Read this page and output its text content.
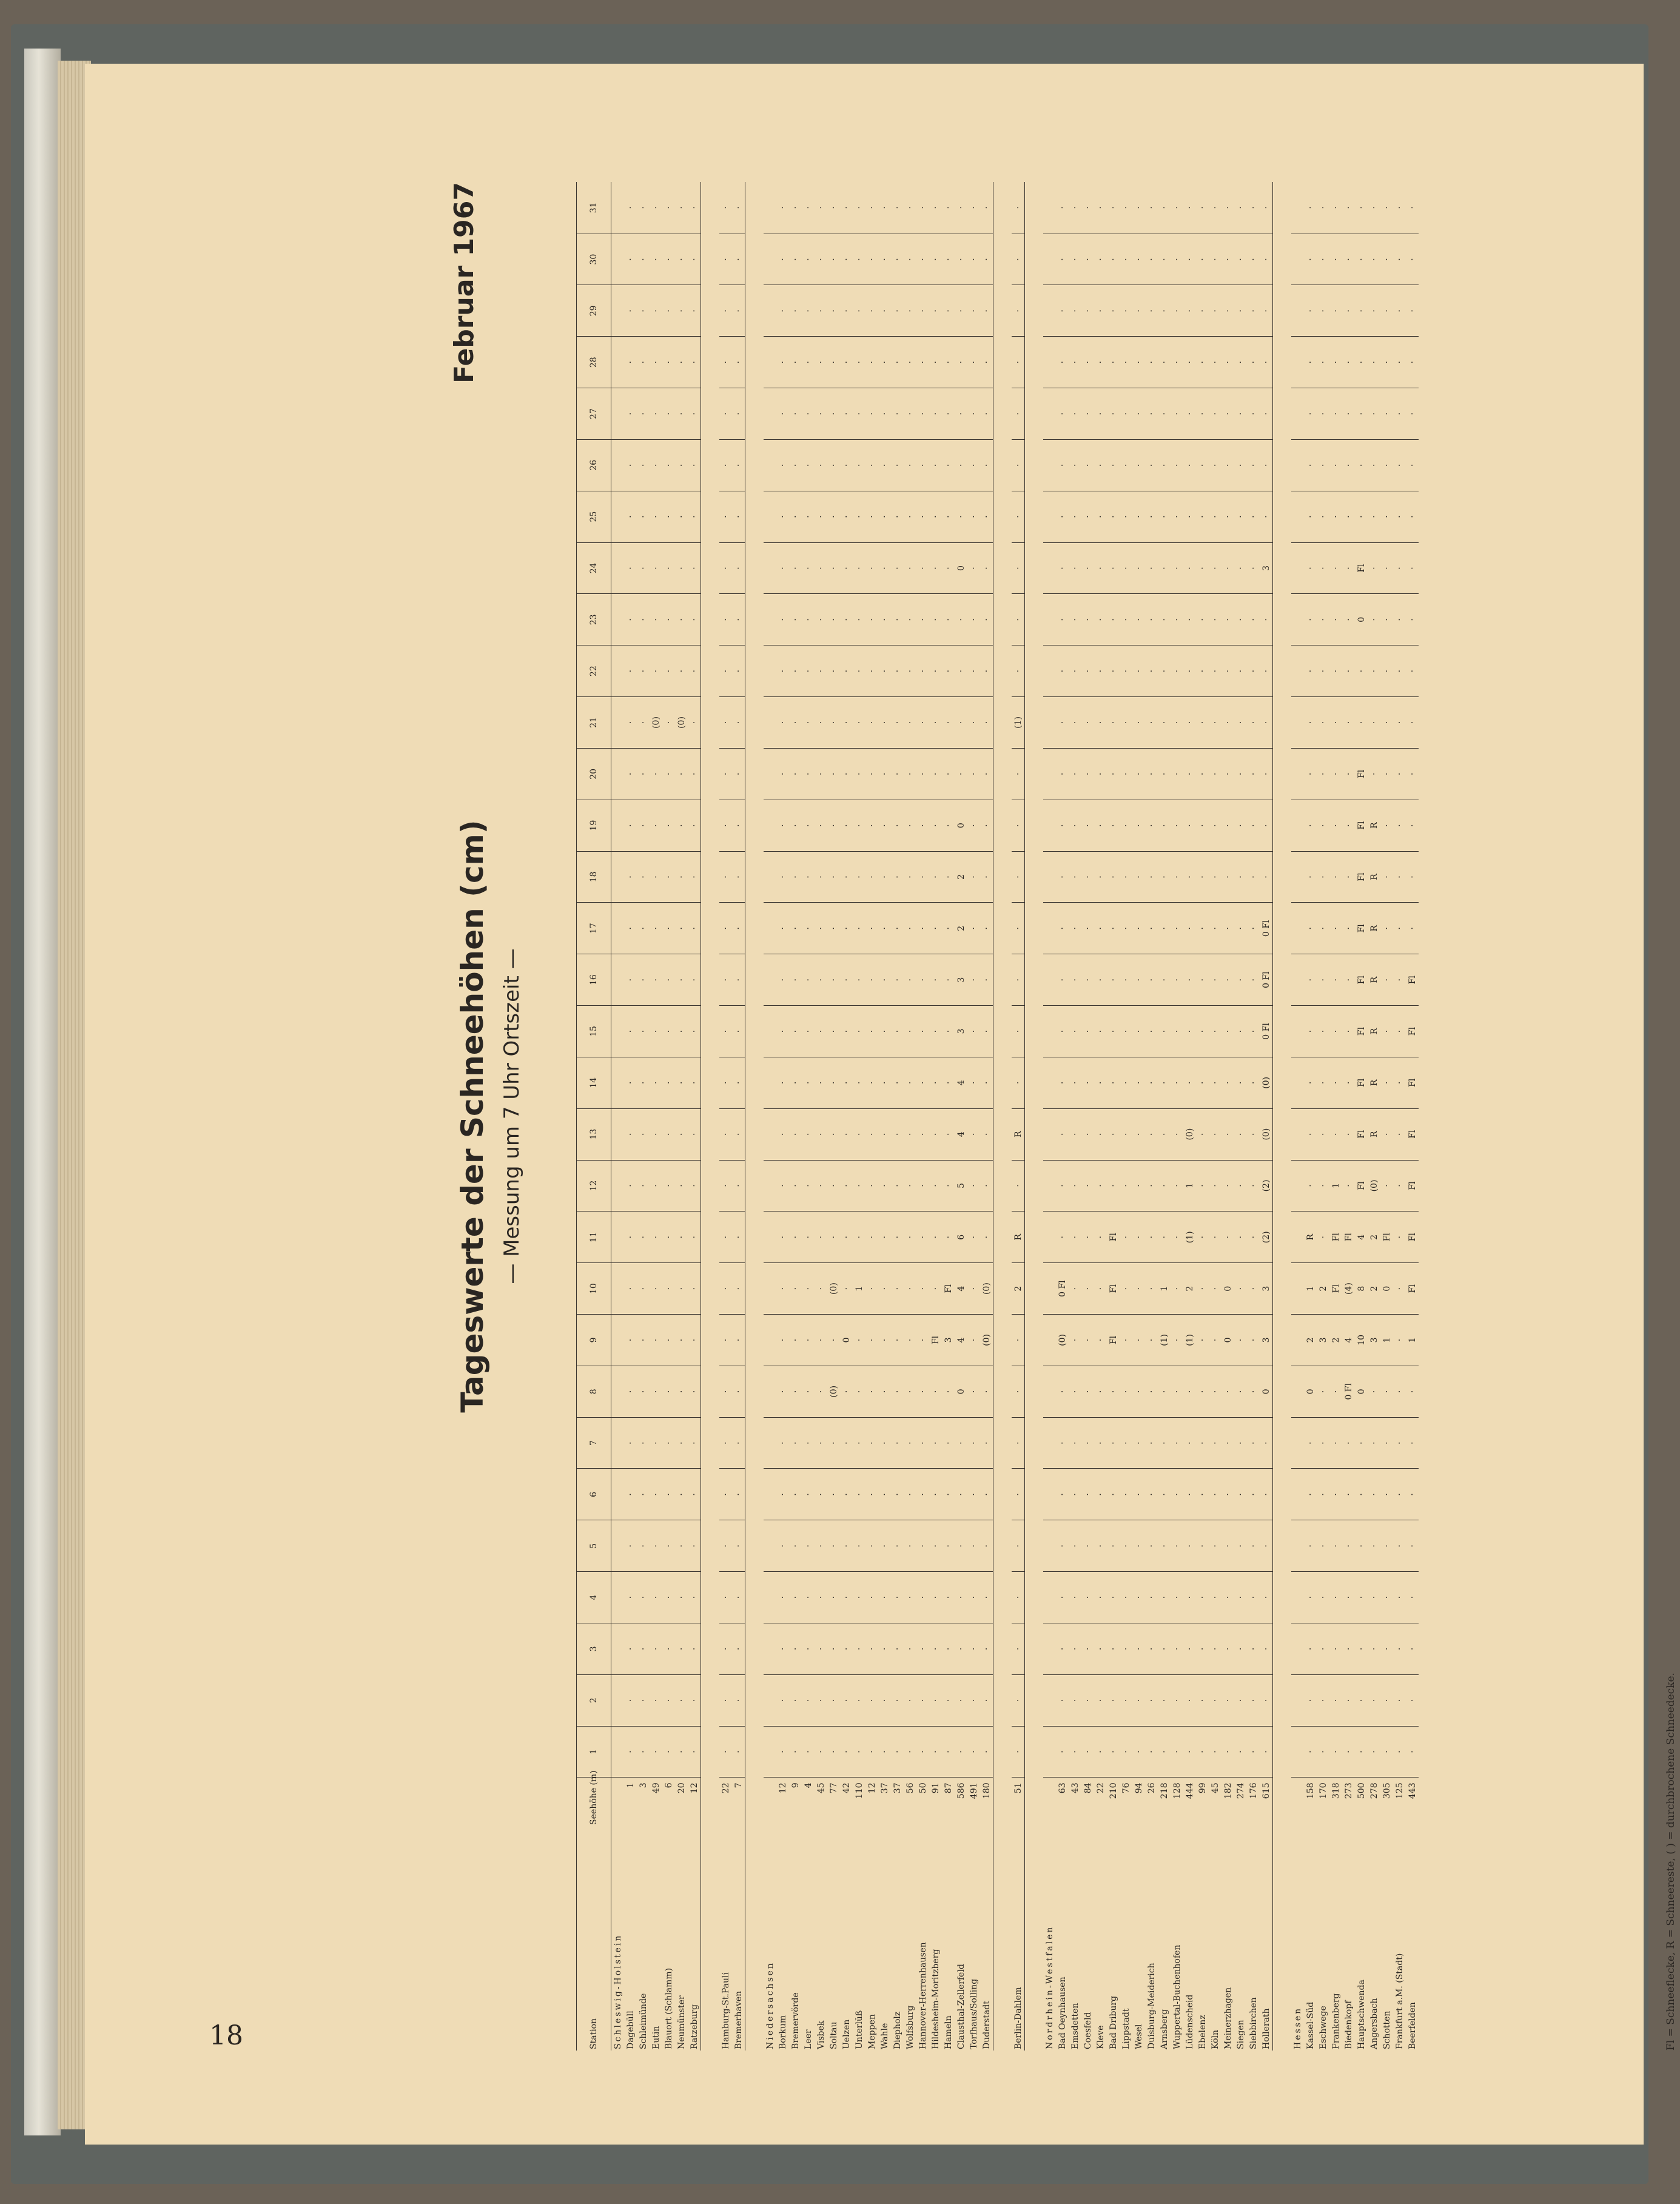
18
Tageswerte der Schneehöhen (cm) — Messung um 7 Uhr Ortszeit —
Februar 1967
Station	Seehöhe (m)	1	2	3	4	5	6	7	8	9	10	11	12	13	14	15	16	17	18	19	20	21	22	23	24	25	26	27	28	29	30	31
Schleswig-Holstein																																
Dagebüll	1	·	·	·	·	·	·	·	·	·	·	·	·	·	·	·	·	·	·	·	·	·	·	·	·	·	·	·	·	·	·	·
Schleimünde	3	·	·	·	·	·	·	·	·	·	·	·	·	·	·	·	·	·	·	·	·	·	·	·	·	·	·	·	·	·	·	·
Eutin	49	·	·	·	·	·	·	·	·	·	·	·	·	·	·	·	·	·	·	·	·	(0)	·	·	·	·	·	·	·	·	·	·
Blauort (Schlamm)	6	·	·	·	·	·	·	·	·	·	·	·	·	·	·	·	·	·	·	·	·	·	·	·	·	·	·	·	·	·	·	·
Neumünster	20	·	·	·	·	·	·	·	·	·	·	·	·	·	·	·	·	·	·	·	·	(0)	·	·	·	·	·	·	·	·	·	·
Ratzeburg	12	·	·	·	·	·	·	·	·	·	·	·	·	·	·	·	·	·	·	·	·	·	·	·	·	·	·	·	·	·	·	·

Hamburg-St.Pauli	22	·	·	·	·	·	·	·	·	·	·	·	·	·	·	·	·	·	·	·	·	·	·	·	·	·	·	·	·	·	·	·
Bremerhaven	7	·	·	·	·	·	·	·	·	·	·	·	·	·	·	·	·	·	·	·	·	·	·	·	·	·	·	·	·	·	·	·

Niedersachsen																																
Borkum	12	·	·	·	·	·	·	·	·	·	·	·	·	·	·	·	·	·	·	·	·	·	·	·	·	·	·	·	·	·	·	·
Bremervörde	9	·	·	·	·	·	·	·	·	·	·	·	·	·	·	·	·	·	·	·	·	·	·	·	·	·	·	·	·	·	·	·
Leer	4	·	·	·	·	·	·	·	·	·	·	·	·	·	·	·	·	·	·	·	·	·	·	·	·	·	·	·	·	·	·	·
Visbek	45	·	·	·	·	·	·	·	·	·	·	·	·	·	·	·	·	·	·	·	·	·	·	·	·	·	·	·	·	·	·	·
Soltau	77	·	·	·	·	·	·	·	(0)	·	(0)	·	·	·	·	·	·	·	·	·	·	·	·	·	·	·	·	·	·	·	·	·
Uelzen	42	·	·	·	·	·	·	·	·	0	·	·	·	·	·	·	·	·	·	·	·	·	·	·	·	·	·	·	·	·	·	·
Unterlüß	110	·	·	·	·	·	·	·	·	·	1	·	·	·	·	·	·	·	·	·	·	·	·	·	·	·	·	·	·	·	·	·
Meppen	12	·	·	·	·	·	·	·	·	·	·	·	·	·	·	·	·	·	·	·	·	·	·	·	·	·	·	·	·	·	·	·
Wahle	37	·	·	·	·	·	·	·	·	·	·	·	·	·	·	·	·	·	·	·	·	·	·	·	·	·	·	·	·	·	·	·
Diepholz	37	·	·	·	·	·	·	·	·	·	·	·	·	·	·	·	·	·	·	·	·	·	·	·	·	·	·	·	·	·	·	·
Wolfsburg	56	·	·	·	·	·	·	·	·	·	·	·	·	·	·	·	·	·	·	·	·	·	·	·	·	·	·	·	·	·	·	·
Hannover-Herrenhausen	50	·	·	·	·	·	·	·	·	·	·	·	·	·	·	·	·	·	·	·	·	·	·	·	·	·	·	·	·	·	·	·
Hildesheim-Moritzberg	91	·	·	·	·	·	·	·	·	Fl	·	·	·	·	·	·	·	·	·	·	·	·	·	·	·	·	·	·	·	·	·	·
Hameln	87	·	·	·	·	·	·	·	·	3	Fl	·	·	·	·	·	·	·	·	·	·	·	·	·	·	·	·	·	·	·	·	·
Clausthal-Zellerfeld	586	·	·	·	·	·	·	·	0	4	4	6	5	4	4	3	3	2	2	0	·	·	·	·	0	·	·	·	·	·	·	·
Torfhaus/Solling	491	·	·	·	·	·	·	·	·	·	·	·	·	·	·	·	·	·	·	·	·	·	·	·	·	·	·	·	·	·	·	·
Duderstadt	180	·	·	·	·	·	·	·	·	(0)	(0)	·	·	·	·	·	·	·	·	·	·	·	·	·	·	·	·	·	·	·	·	·

Berlin-Dahlem	51	·	·	·	·	·	·	·	·	·	2	R	·	R	·	·	·	·	·	·	·	(1)	·	·	·	·	·	·	·	·	·	·

Nordrhein-Westfalen																																
Bad Oeynhausen	63	·	·	·	·	·	·	·	·	(0)	0 Fl	·	·	·	·	·	·	·	·	·	·	·	·	·	·	·	·	·	·	·	·	·
Emsdetten	43	·	·	·	·	·	·	·	·	·	·	·	·	·	·	·	·	·	·	·	·	·	·	·	·	·	·	·	·	·	·	·
Coesfeld	84	·	·	·	·	·	·	·	·	·	·	·	·	·	·	·	·	·	·	·	·	·	·	·	·	·	·	·	·	·	·	·
Kleve	22	·	·	·	·	·	·	·	·	·	·	·	·	·	·	·	·	·	·	·	·	·	·	·	·	·	·	·	·	·	·	·
Bad Driburg	210	·	·	·	·	·	·	·	·	Fl	Fl	Fl	·	·	·	·	·	·	·	·	·	·	·	·	·	·	·	·	·	·	·	·
Lippstadt	76	·	·	·	·	·	·	·	·	·	·	·	·	·	·	·	·	·	·	·	·	·	·	·	·	·	·	·	·	·	·	·
Wesel	94	·	·	·	·	·	·	·	·	·	·	·	·	·	·	·	·	·	·	·	·	·	·	·	·	·	·	·	·	·	·	·
Duisburg-Meiderich	26	·	·	·	·	·	·	·	·	·	·	·	·	·	·	·	·	·	·	·	·	·	·	·	·	·	·	·	·	·	·	·
Arnsberg	218	·	·	·	·	·	·	·	·	(1)	1	·	·	·	·	·	·	·	·	·	·	·	·	·	·	·	·	·	·	·	·	·
Wuppertal-Buchenhofen	128	·	·	·	·	·	·	·	·	·	·	·	·	·	·	·	·	·	·	·	·	·	·	·	·	·	·	·	·	·	·	·
Lüdenscheid	444	·	·	·	·	·	·	·	·	(1)	2	(1)	1	(0)	·	·	·	·	·	·	·	·	·	·	·	·	·	·	·	·	·	·
Ebelenz	99	·	·	·	·	·	·	·	·	·	·	·	·	·	·	·	·	·	·	·	·	·	·	·	·	·	·	·	·	·	·	·
Köln	45	·	·	·	·	·	·	·	·	·	·	·	·	·	·	·	·	·	·	·	·	·	·	·	·	·	·	·	·	·	·	·
Meinerzhagen	182	·	·	·	·	·	·	·	·	0	0	·	·	·	·	·	·	·	·	·	·	·	·	·	·	·	·	·	·	·	·	·
Siegen	274	·	·	·	·	·	·	·	·	·	·	·	·	·	·	·	·	·	·	·	·	·	·	·	·	·	·	·	·	·	·	·
Siebbirchen	176	·	·	·	·	·	·	·	·	·	·	·	·	·	·	·	·	·	·	·	·	·	·	·	·	·	·	·	·	·	·	·
Hollerath	615	·	·	·	·	·	·	·	0	3	3	(2)	(2)	(0)	(0)	0 Fl	0 Fl	0 Fl	·	·	·	·	·	·	3	·	·	·	·	·	·	·

Hessen																																
Kassel-Süd	158	·	·	·	·	·	·	·	0	2	1	R	·	·	·	·	·	·	·	·	·	·	·	·	·	·	·	·	·	·	·	·
Eschwege	170	·	·	·	·	·	·	·	·	3	2	·	·	·	·	·	·	·	·	·	·	·	·	·	·	·	·	·	·	·	·	·
Frankenberg	318	·	·	·	·	·	·	·	·	2	Fl	Fl	1	·	·	·	·	·	·	·	·	·	·	·	·	·	·	·	·	·	·	·
Biedenkopf	273	·	·	·	·	·	·	·	0 Fl	4	(4)	Fl	·	·	·	·	·	·	·	·	·	·	·	·	·	·	·	·	·	·	·	·
Hauptschwenda	500	·	·	·	·	·	·	·	0	10	8	4	Fl	Fl	Fl	Fl	Fl	Fl	Fl	Fl	Fl	·	·	0	Fl	·	·	·	·	·	·	·
Angersbach	278	·	·	·	·	·	·	·	·	3	2	2	(0)	R	R	R	R	R	R	R	·	·	·	·	·	·	·	·	·	·	·	·
Schotten	305	·	·	·	·	·	·	·	·	1	0	Fl	·	·	·	·	·	·	·	·	·	·	·	·	·	·	·	·	·	·	·	·
Frankfurt a.M. (Stadt)	125	·	·	·	·	·	·	·	·	·	·	·	·	·	·	·	·	·	·	·	·	·	·	·	·	·	·	·	·	·	·	·
Beerfelden	443	·	·	·	·	·	·	·	·	1	Fl	Fl	Fl	Fl	Fl	Fl	Fl	·	·	·	·	·	·	·	·	·	·	·	·	·	·	·
Fl = Schneeflecke, R = Schneereste, ( ) = durchbrochene Schneedecke.
